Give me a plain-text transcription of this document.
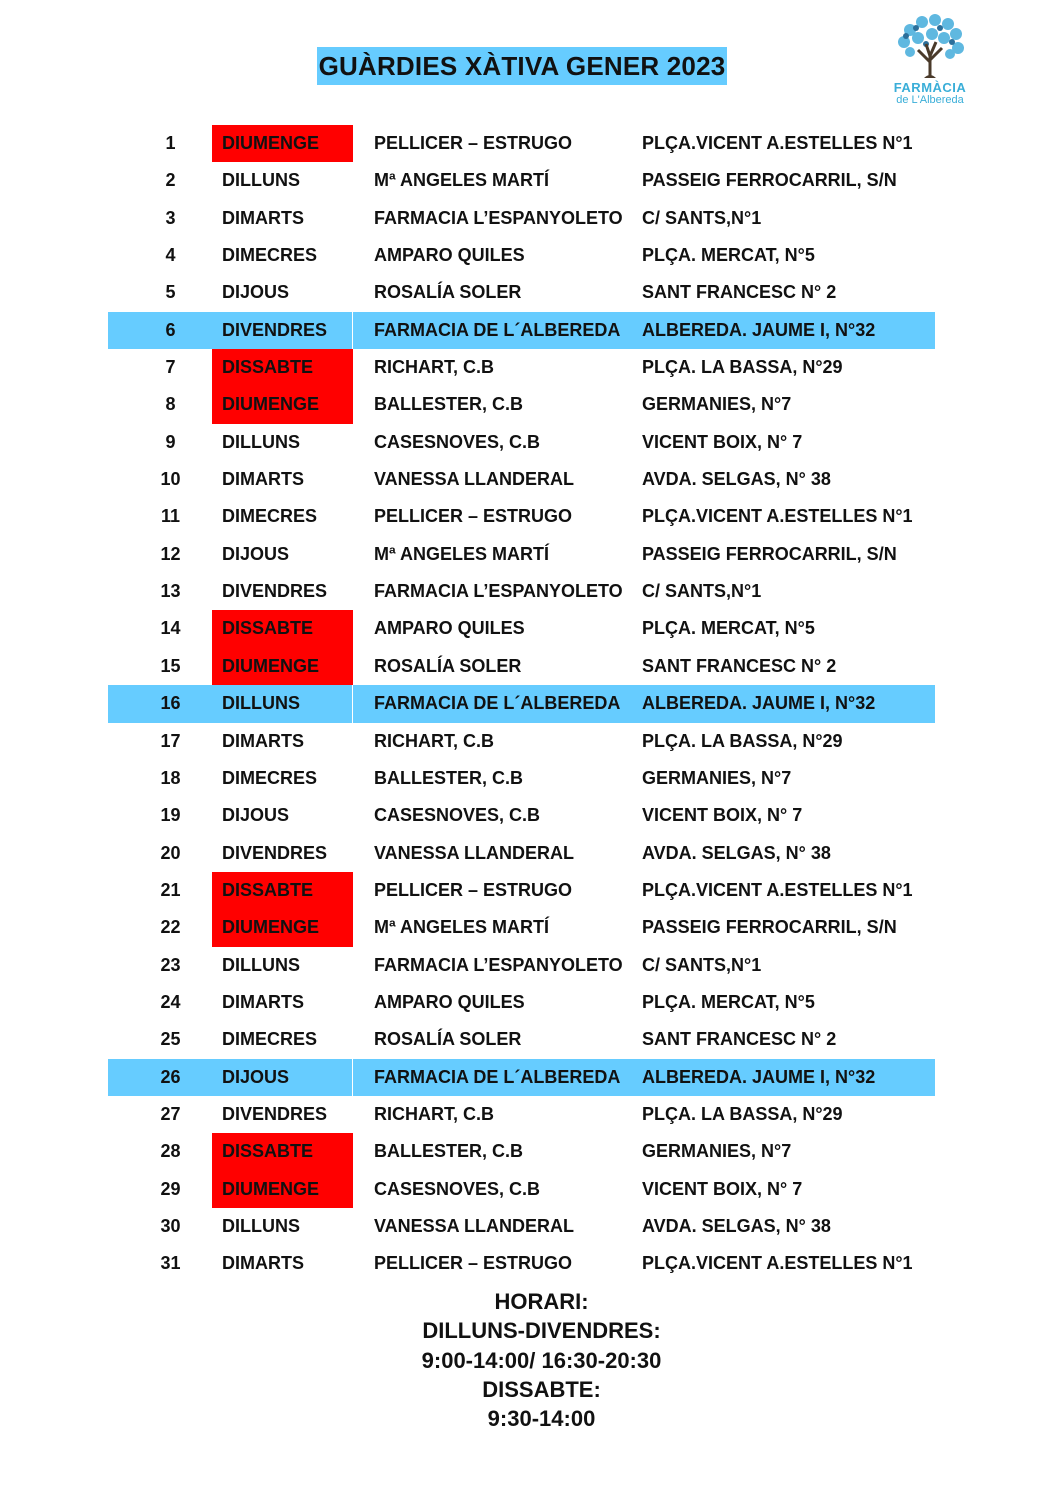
GUÀRDIES XÀTIVA GENER 2023
FARMÀCIA
de L'Albereda
1	DIUMENGE	PELLICER – ESTRUGO	PLÇA.VICENT A.ESTELLES N°1
2	DILLUNS	Mª ANGELES MARTÍ	PASSEIG FERROCARRIL, S/N
3	DIMARTS	FARMACIA L’ESPANYOLETO	C/ SANTS,N°1
4	DIMECRES	AMPARO QUILES	PLÇA. MERCAT, N°5
5	DIJOUS	ROSALÍA SOLER	SANT FRANCESC N° 2
6	DIVENDRES	FARMACIA DE L´ALBEREDA	ALBEREDA. JAUME I, N°32
7	DISSABTE	RICHART, C.B	PLÇA. LA BASSA, N°29
8	DIUMENGE	BALLESTER, C.B	GERMANIES, N°7
9	DILLUNS	CASESNOVES, C.B	VICENT BOIX, N° 7
10	DIMARTS	VANESSA LLANDERAL	AVDA. SELGAS, N° 38
11	DIMECRES	PELLICER – ESTRUGO	PLÇA.VICENT A.ESTELLES N°1
12	DIJOUS	Mª ANGELES MARTÍ	PASSEIG FERROCARRIL, S/N
13	DIVENDRES	FARMACIA L’ESPANYOLETO	C/ SANTS,N°1
14	DISSABTE	AMPARO QUILES	PLÇA. MERCAT, N°5
15	DIUMENGE	ROSALÍA SOLER	SANT FRANCESC N° 2
16	DILLUNS	FARMACIA DE L´ALBEREDA	ALBEREDA. JAUME I, N°32
17	DIMARTS	RICHART, C.B	PLÇA. LA BASSA, N°29
18	DIMECRES	BALLESTER, C.B	GERMANIES, N°7
19	DIJOUS	CASESNOVES, C.B	VICENT BOIX, N° 7
20	DIVENDRES	VANESSA LLANDERAL	AVDA. SELGAS, N° 38
21	DISSABTE	PELLICER – ESTRUGO	PLÇA.VICENT A.ESTELLES N°1
22	DIUMENGE	Mª ANGELES MARTÍ	PASSEIG FERROCARRIL, S/N
23	DILLUNS	FARMACIA L’ESPANYOLETO	C/ SANTS,N°1
24	DIMARTS	AMPARO QUILES	PLÇA. MERCAT, N°5
25	DIMECRES	ROSALÍA SOLER	SANT FRANCESC N° 2
26	DIJOUS	FARMACIA DE L´ALBEREDA	ALBEREDA. JAUME I, N°32
27	DIVENDRES	RICHART, C.B	PLÇA. LA BASSA, N°29
28	DISSABTE	BALLESTER, C.B	GERMANIES, N°7
29	DIUMENGE	CASESNOVES, C.B	VICENT BOIX, N° 7
30	DILLUNS	VANESSA LLANDERAL	AVDA. SELGAS, N° 38
31	DIMARTS	PELLICER – ESTRUGO	PLÇA.VICENT A.ESTELLES N°1
HORARI:
DILLUNS-DIVENDRES:
9:00-14:00/ 16:30-20:30
DISSABTE:
9:30-14:00
